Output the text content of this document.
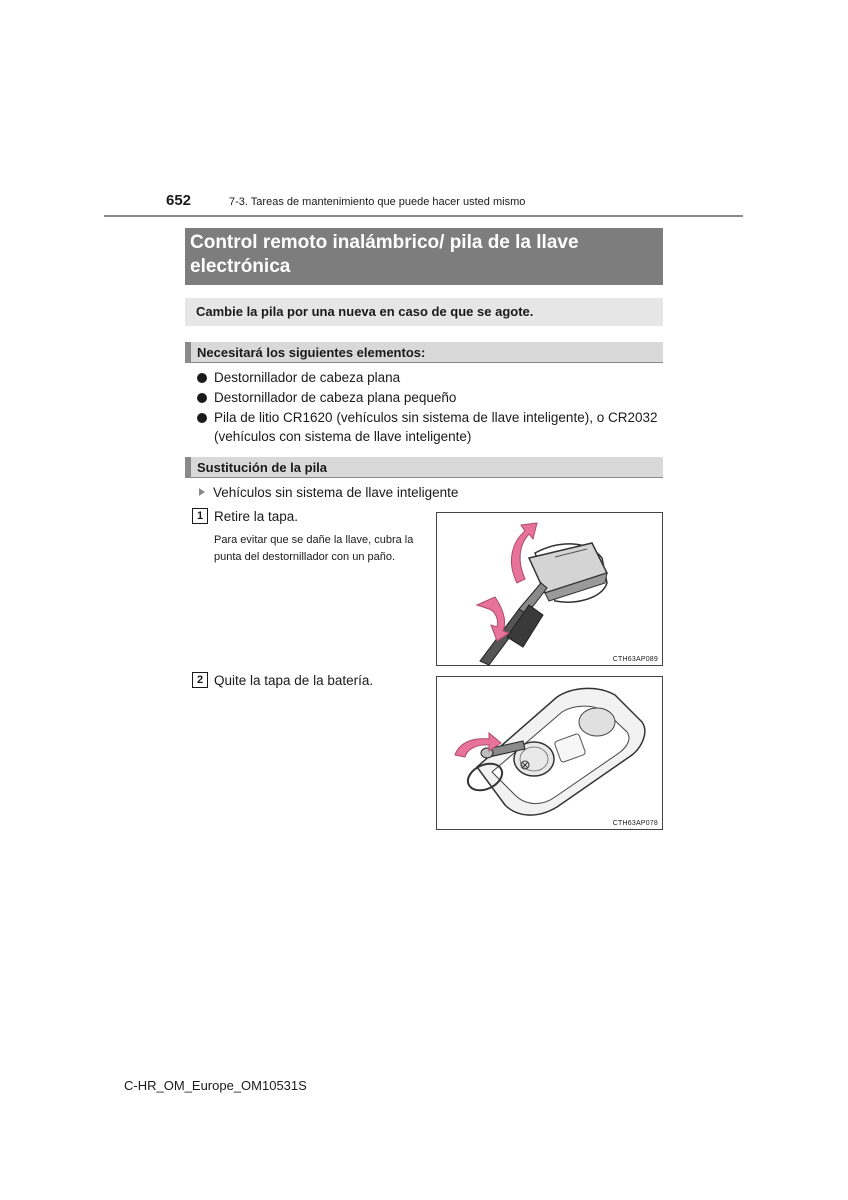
652	7-3. Tareas de mantenimiento que puede hacer usted mismo
Control remoto inalámbrico/ pila de la llave electrónica
Cambie la pila por una nueva en caso de que se agote.
Necesitará los siguientes elementos:
Destornillador de cabeza plana
Destornillador de cabeza plana pequeño
Pila de litio CR1620 (vehículos sin sistema de llave inteligente), o CR2032 (vehículos con sistema de llave inteligente)
Sustitución de la pila
Vehículos sin sistema de llave inteligente
1 Retire la tapa.
Para evitar que se dañe la llave, cubra la punta del destornillador con un paño.
CTH63AP089
2 Quite la tapa de la batería.
CTH63AP078
C-HR_OM_Europe_OM10531S
